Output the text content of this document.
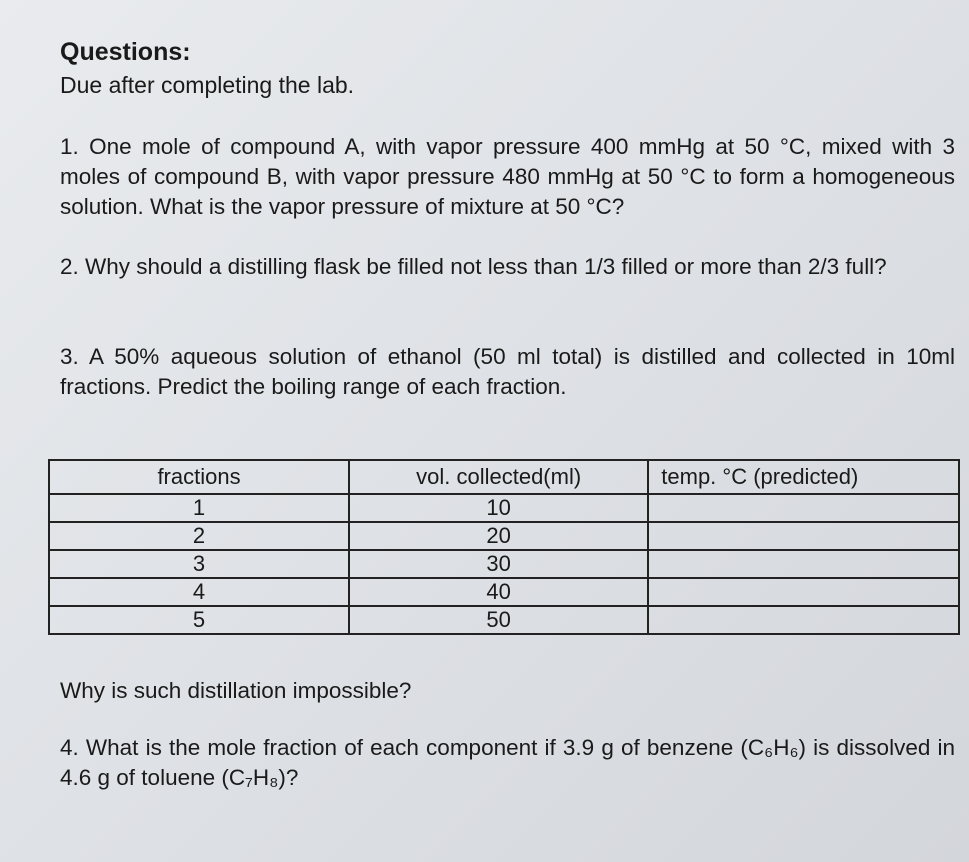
Questions:

Due after completing the lab.

1. One mole of compound A, with vapor pressure 400 mmHg at 50 °C, mixed with 3 moles of compound B, with vapor pressure 480 mmHg at 50 °C to form a homogeneous solution. What is the vapor pressure of mixture at 50 °C?

2. Why should a distilling flask be filled not less than 1/3 filled or more than 2/3 full?

3. A 50% aqueous solution of ethanol (50 ml total) is distilled and collected in 10ml fractions. Predict the boiling range of each fraction.

fractions	vol. collected(ml)	temp. °C (predicted)
1	10	
2	20	
3	30	
4	40	
5	50	

Why is such distillation impossible?

4. What is the mole fraction of each component if 3.9 g of benzene (C₆H₆) is dissolved in 4.6 g of toluene (C₇H₈)?
